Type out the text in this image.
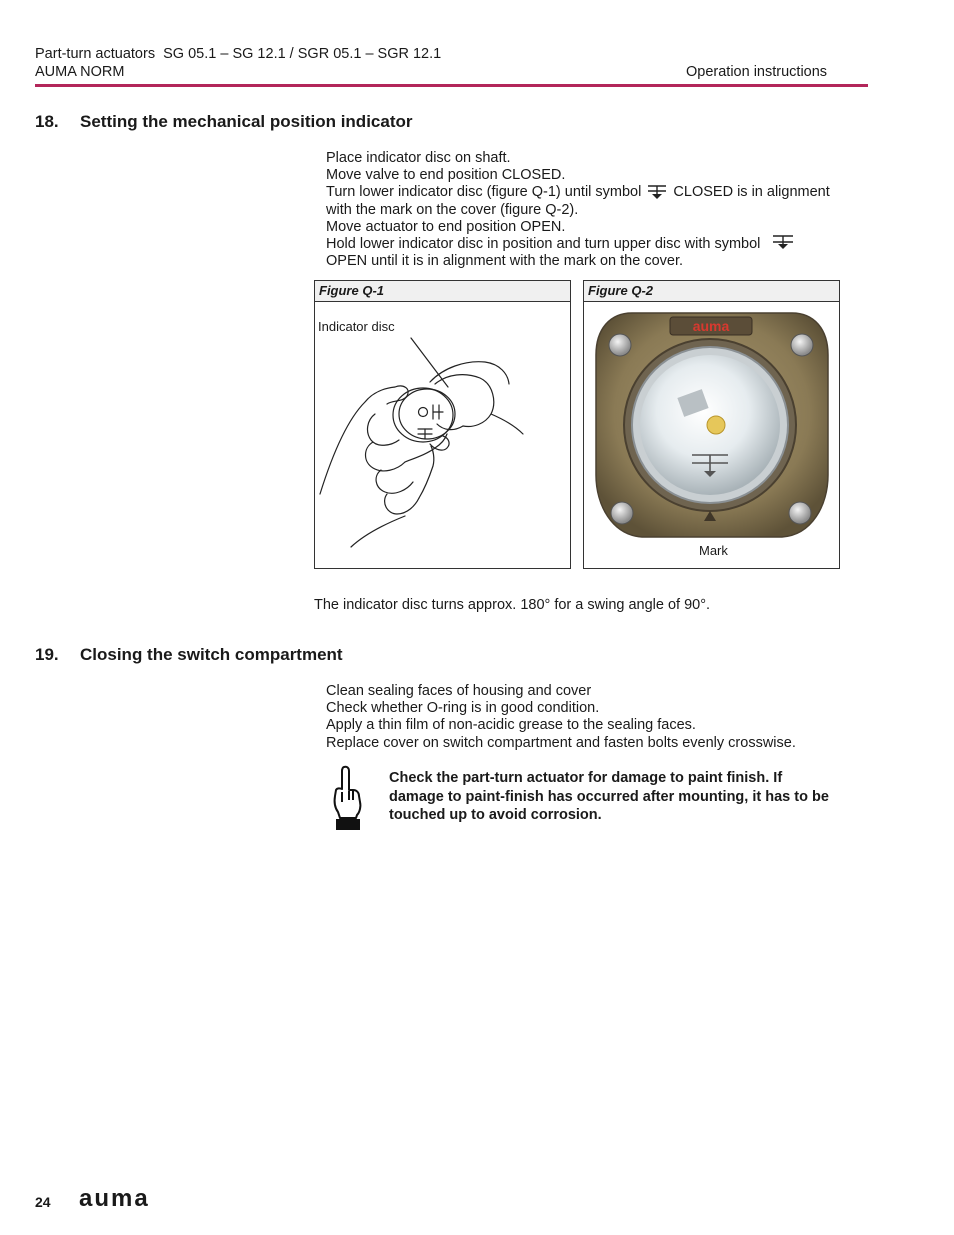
Part-turn actuators  SG 05.1 – SG 12.1 / SGR 05.1 – SGR 12.1
AUMA NORM	Operation instructions
18. Setting the mechanical position indicator
Place indicator disc on shaft.
Move valve to end position CLOSED.
Turn lower indicator disc (figure Q-1) until symbol CLOSED is in alignment
with the mark on the cover (figure Q-2).
Move actuator to end position OPEN.
Hold lower indicator disc in position and turn upper disc with symbol
OPEN until it is in alignment with the mark on the cover.
Figure Q-1
Indicator disc
Figure Q-2
auma
Mark
The indicator disc turns approx. 180° for a swing angle of 90°.
19. Closing the switch compartment
Clean sealing faces of housing and cover
Check whether O-ring is in good condition.
Apply a thin film of non-acidic grease to the sealing faces.
Replace cover on switch compartment and fasten bolts evenly crosswise.
Check the part-turn actuator for damage to paint finish. If
damage to paint-finish has occurred after mounting, it has to be
touched up to avoid corrosion.
24 auma
